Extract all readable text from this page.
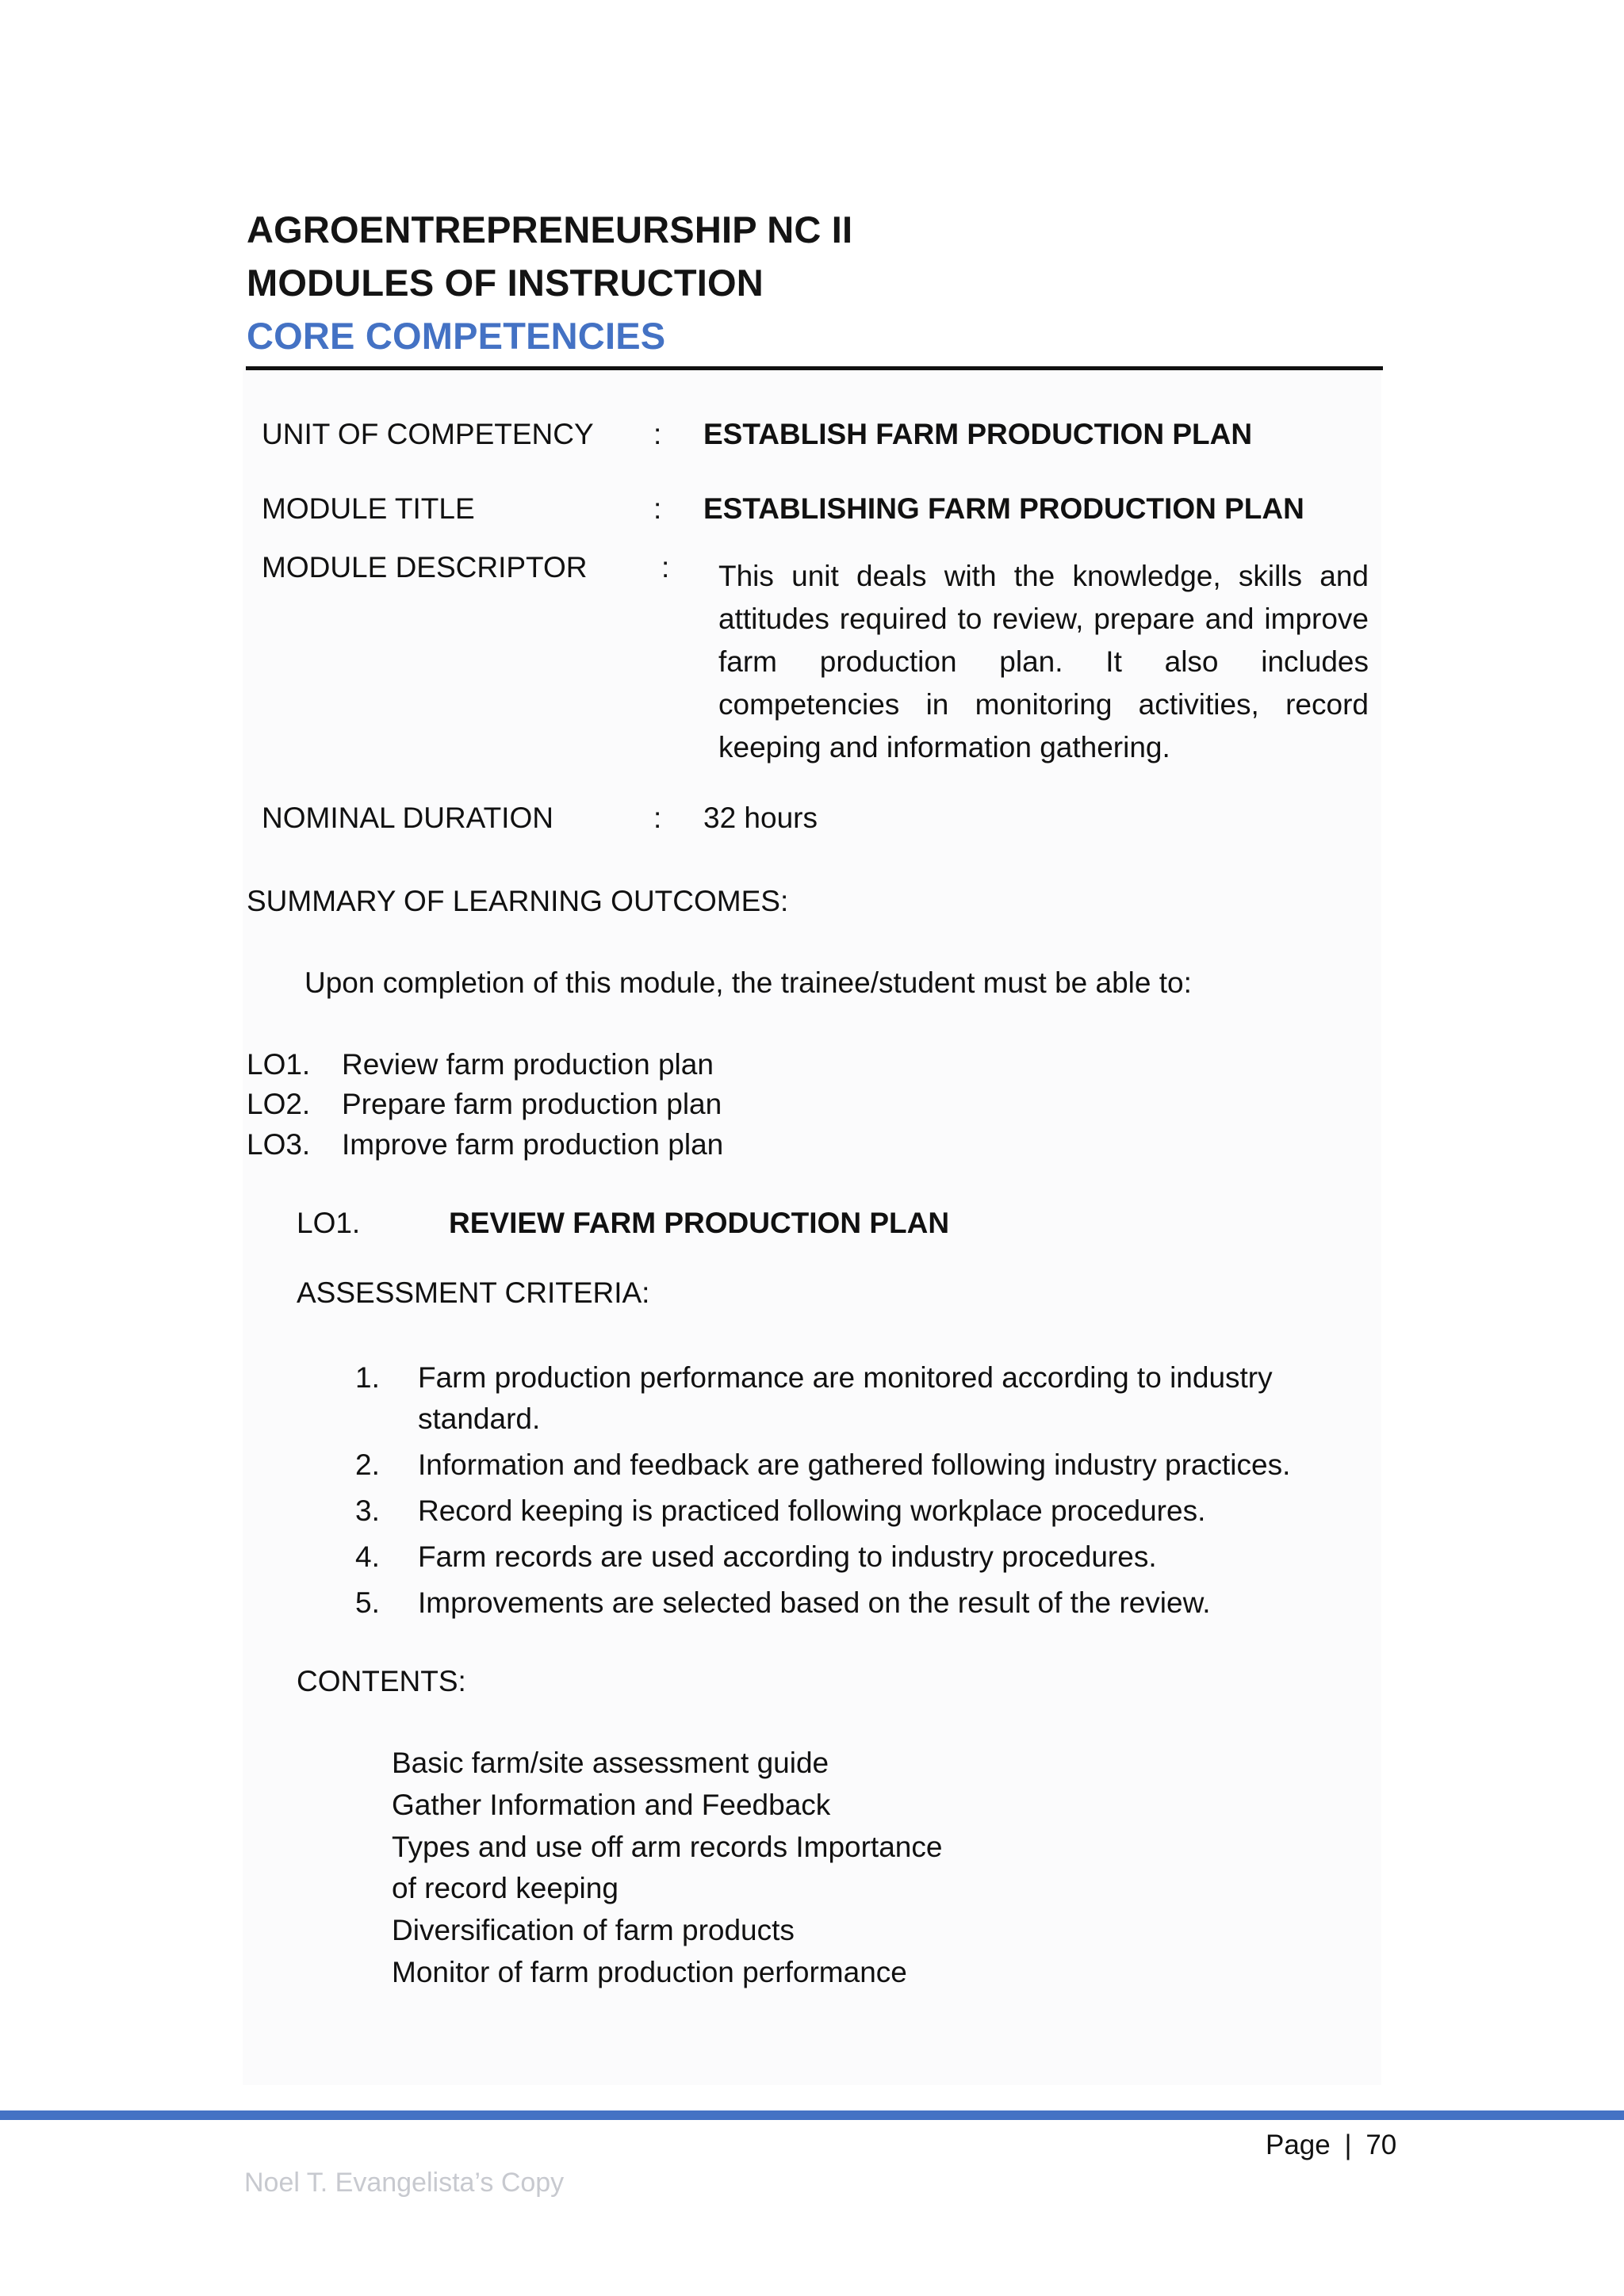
AGROENTREPRENEURSHIP NC II
MODULES OF INSTRUCTION
CORE COMPETENCIES
UNIT OF COMPETENCY : ESTABLISH FARM PRODUCTION PLAN
MODULE TITLE	: ESTABLISHING FARM PRODUCTION PLAN
MODULE DESCRIPTOR	: This unit deals with the knowledge, skills and attitudes required to review, prepare and improve farm production plan. It also includes competencies in monitoring activities, record keeping and information gathering.
NOMINAL DURATION	: 32 hours
SUMMARY OF LEARNING OUTCOMES:
Upon completion of this module, the trainee/student must be able to:
LO1. Review farm production plan
LO2. Prepare farm production plan
LO3. Improve farm production plan
LO1.	REVIEW FARM PRODUCTION PLAN
ASSESSMENT CRITERIA:
1. Farm production performance are monitored according to industry
standard.
2. Information and feedback are gathered following industry practices.
3. Record keeping is practiced following workplace procedures.
4. Farm records are used according to industry procedures.
5. Improvements are selected based on the result of the review.
CONTENTS:
Basic farm/site assessment guide
Gather Information and Feedback
Types and use off arm records Importance
of record keeping
Diversification of farm products
Monitor of farm production performance
Page | 70
Noel T. Evangelista’s Copy
